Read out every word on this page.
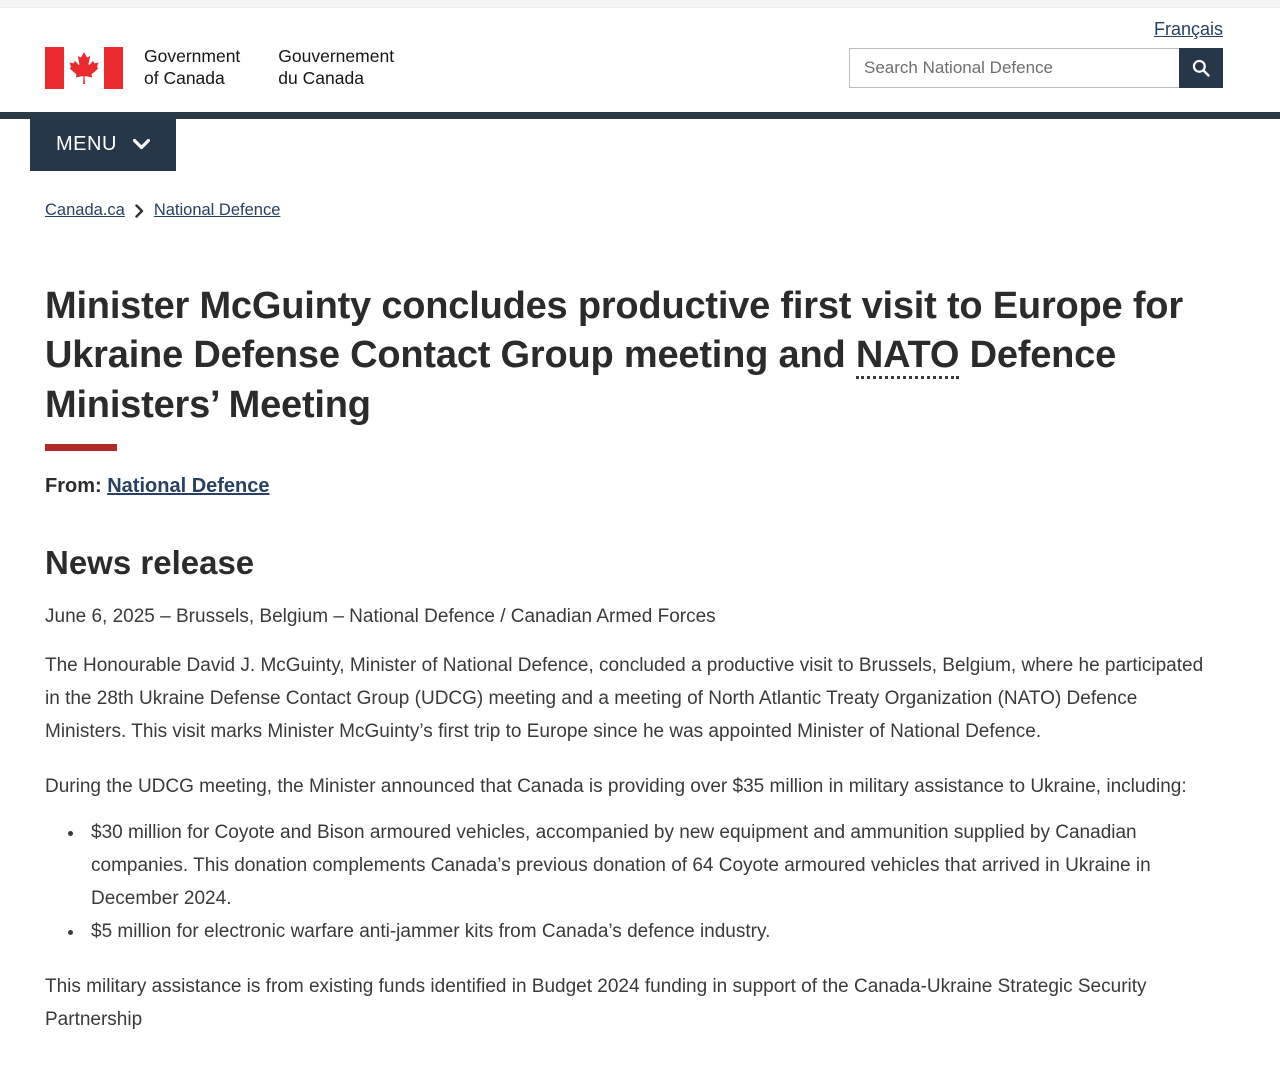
Français
Government
of Canada
Gouvernement
du Canada
Search National Defence
MENU
Canada.ca National Defence
Minister McGuinty concludes productive first visit to Europe for Ukraine Defense Contact Group meeting and NATO Defence Ministers’ Meeting
From: National Defence
News release

June 6, 2025 – Brussels, Belgium – National Defence / Canadian Armed Forces

The Honourable David J. McGuinty, Minister of National Defence, concluded a productive visit to Brussels, Belgium, where he participated in the 28th Ukraine Defense Contact Group (UDCG) meeting and a meeting of North Atlantic Treaty Organization (NATO) Defence Ministers. This visit marks Minister McGuinty’s first trip to Europe since he was appointed Minister of National Defence.

During the UDCG meeting, the Minister announced that Canada is providing over $35 million in military assistance to Ukraine, including:

• $30 million for Coyote and Bison armoured vehicles, accompanied by new equipment and ammunition supplied by Canadian companies. This donation complements Canada’s previous donation of 64 Coyote armoured vehicles that arrived in Ukraine in December 2024.
• $5 million for electronic warfare anti-jammer kits from Canada’s defence industry.

This military assistance is from existing funds identified in Budget 2024 funding in support of the Canada-Ukraine Strategic Security Partnership
